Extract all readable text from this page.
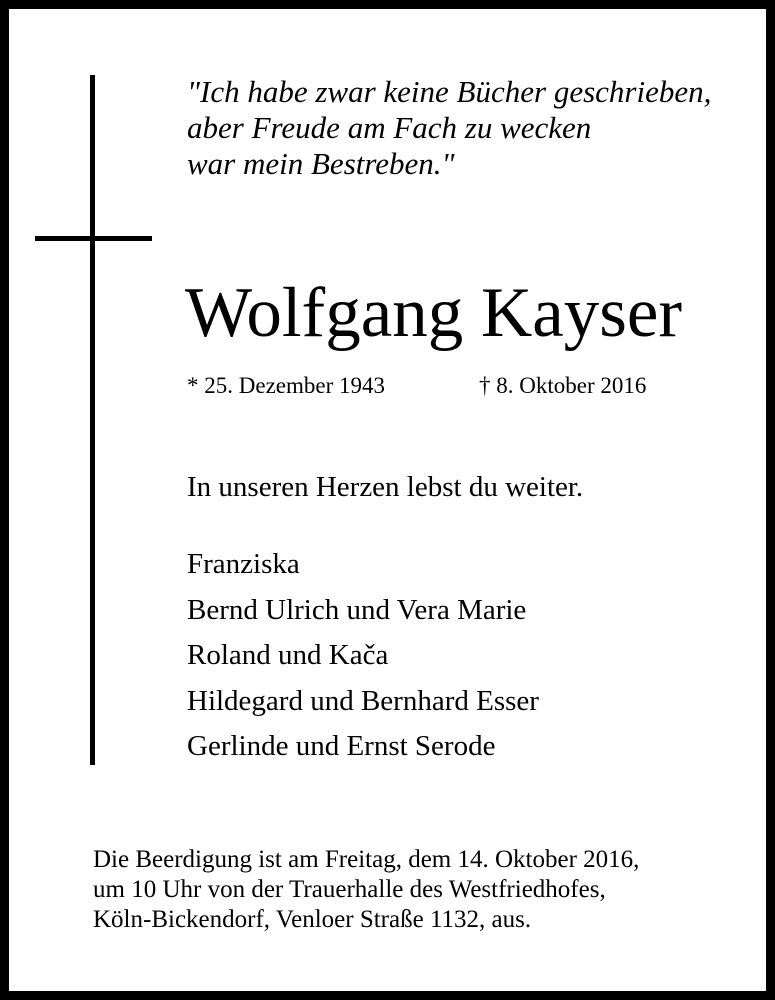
"Ich habe zwar keine Bücher geschrieben,
aber Freude am Fach zu wecken
war mein Bestreben."
Wolfgang Kayser
* 25. Dezember 1943	† 8. Oktober 2016
In unseren Herzen lebst du weiter.
Franziska
Bernd Ulrich und Vera Marie
Roland und Kača
Hildegard und Bernhard Esser
Gerlinde und Ernst Serode
Die Beerdigung ist am Freitag, dem 14. Oktober 2016,
um 10 Uhr von der Trauerhalle des Westfriedhofes,
Köln-Bickendorf, Venloer Straße 1132, aus.
